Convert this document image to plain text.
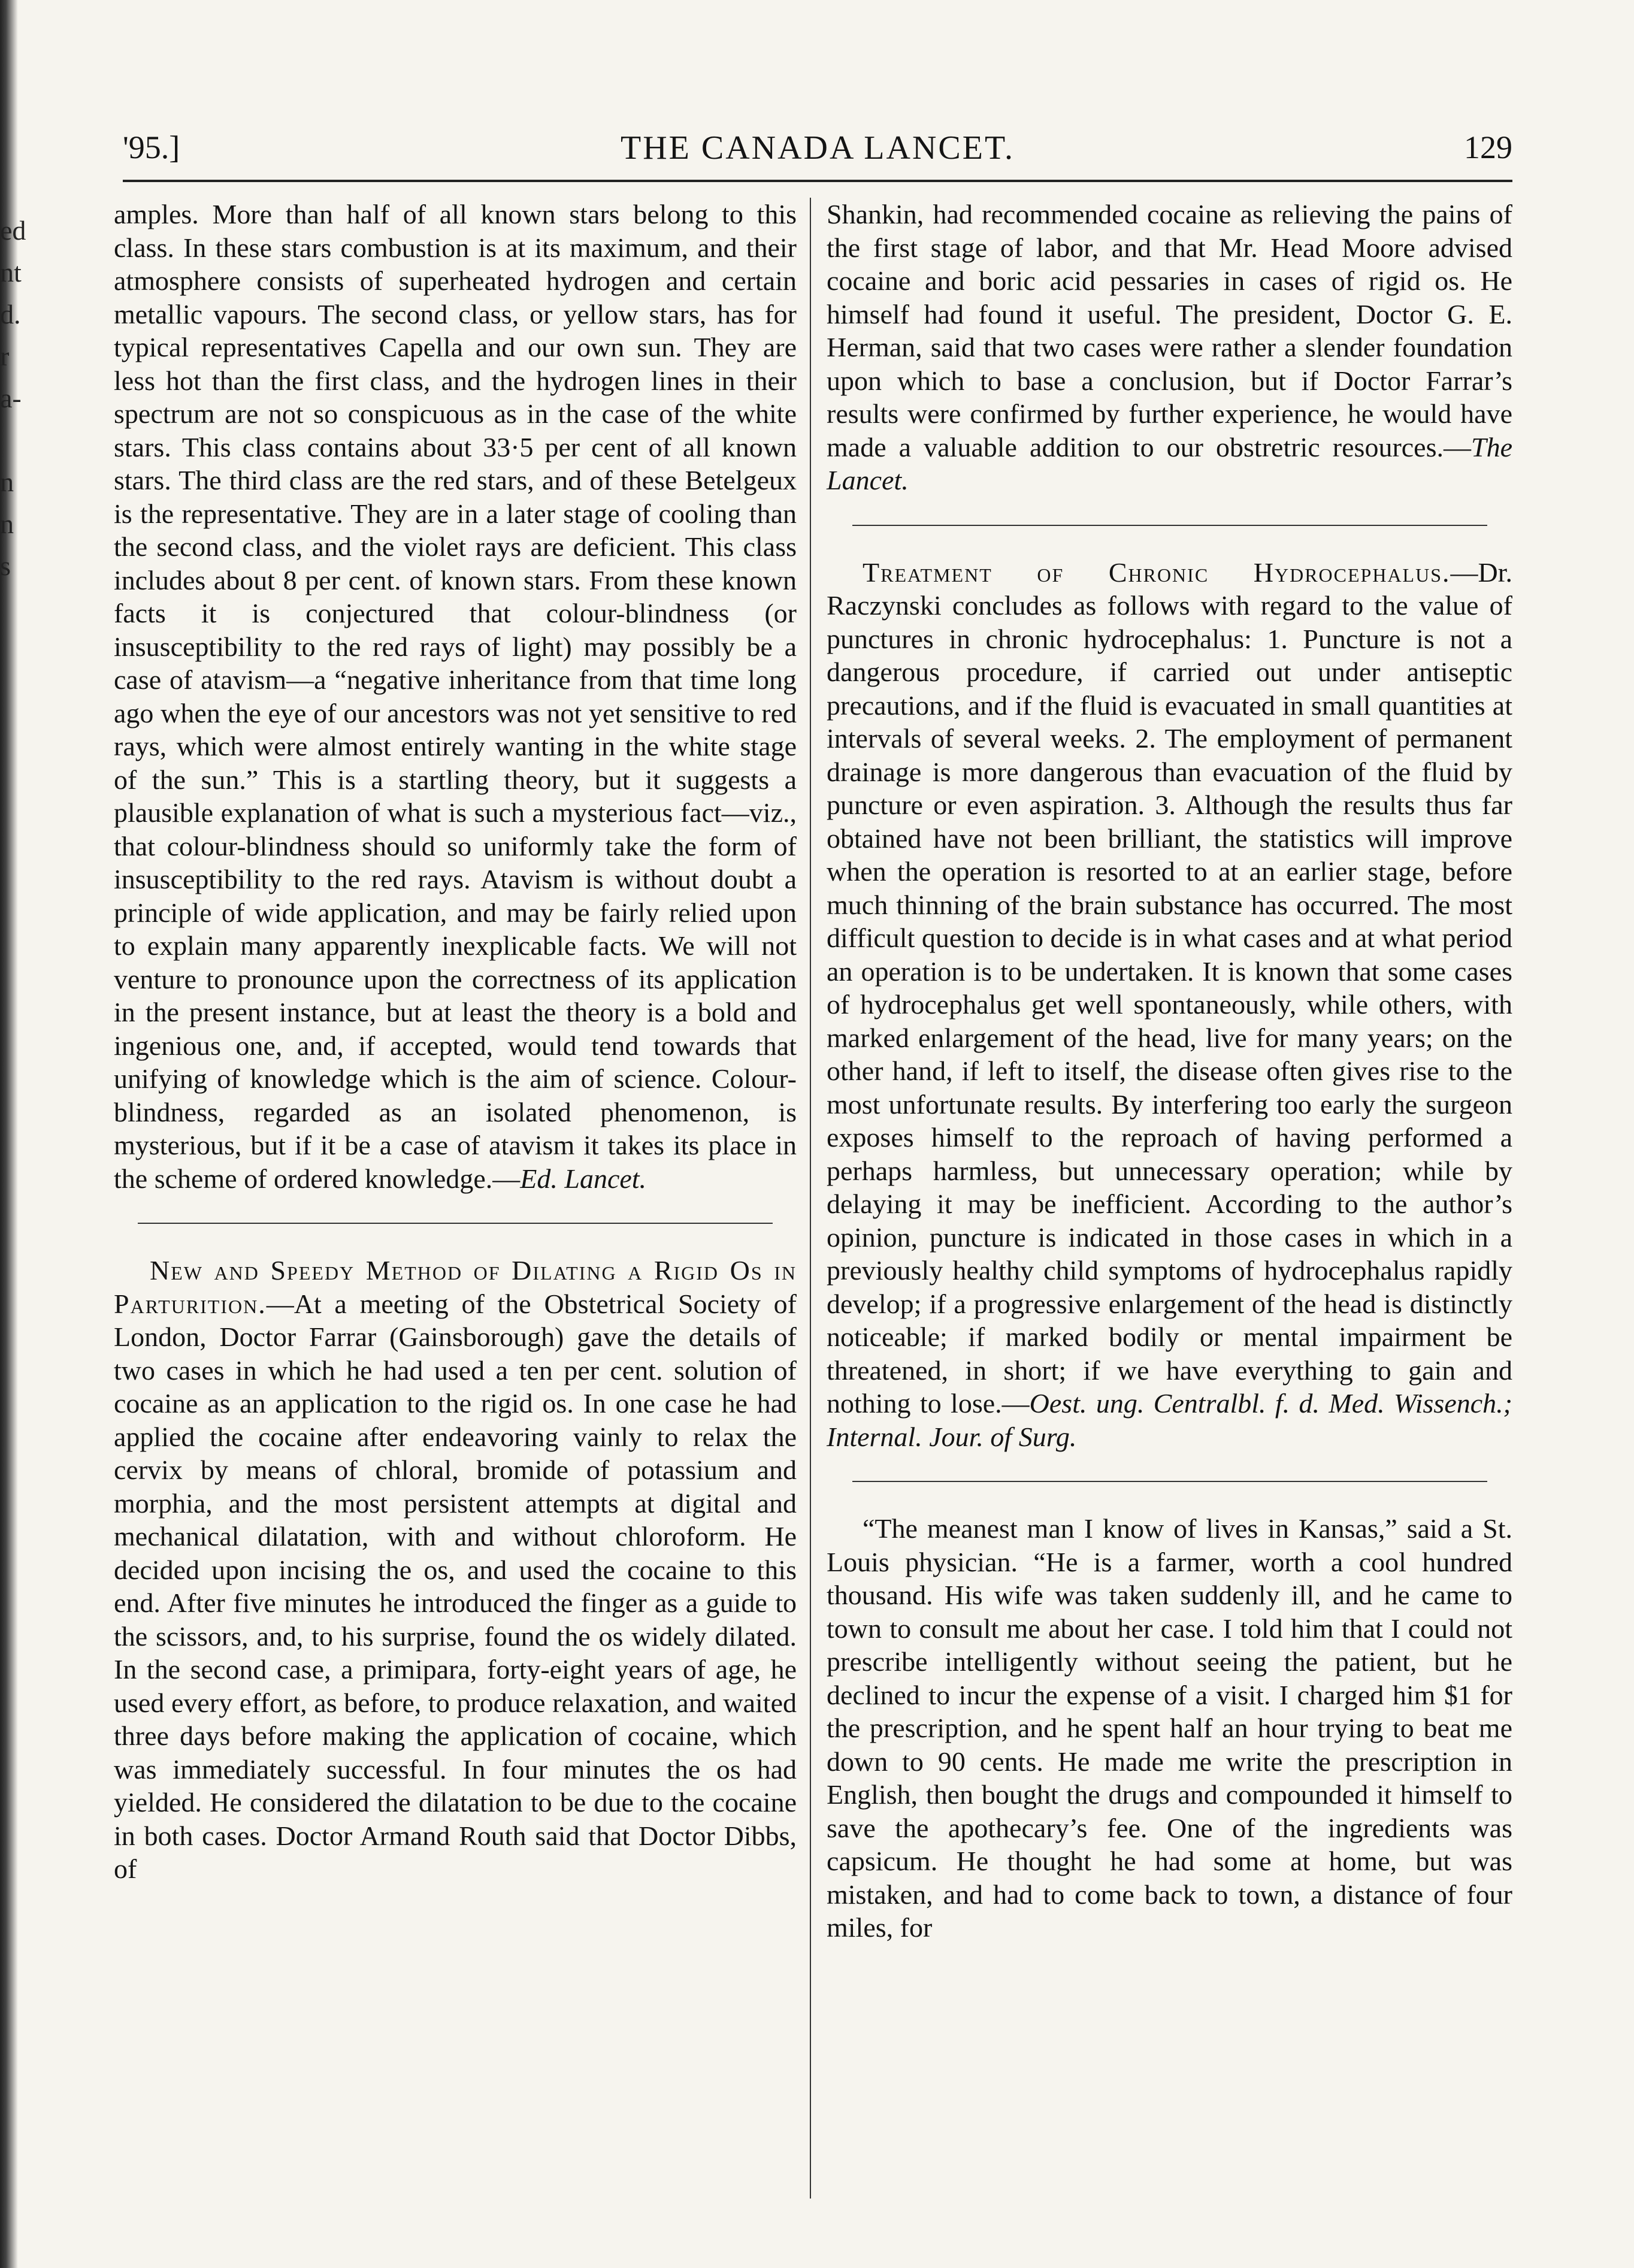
ed
nt
d.
r
a-

n
n
s
'95.]	THE CANADA LANCET.	129

amples. More than half of all known stars belong to this class. In these stars combustion is at its maximum, and their atmosphere consists of superheated hydrogen and certain metallic vapours. The second class, or yellow stars, has for typical representatives Capella and our own sun. They are less hot than the first class, and the hydrogen lines in their spectrum are not so conspicuous as in the case of the white stars. This class contains about 33·5 per cent of all known stars. The third class are the red stars, and of these Betelgeux is the representative. They are in a later stage of cooling than the second class, and the violet rays are deficient. This class includes about 8 per cent. of known stars. From these known facts it is conjectured that colour-blindness (or insusceptibility to the red rays of light) may possibly be a case of atavism—a “negative inheritance from that time long ago when the eye of our ancestors was not yet sensitive to red rays, which were almost entirely wanting in the white stage of the sun.” This is a startling theory, but it suggests a plausible explanation of what is such a mysterious fact—viz., that colour-blindness should so uniformly take the form of insusceptibility to the red rays. Atavism is without doubt a principle of wide application, and may be fairly relied upon to explain many apparently inexplicable facts. We will not venture to pronounce upon the correctness of its application in the present instance, but at least the theory is a bold and ingenious one, and, if accepted, would tend towards that unifying of knowledge which is the aim of science. Colour-blindness, regarded as an isolated phenomenon, is mysterious, but if it be a case of atavism it takes its place in the scheme of ordered knowledge.—Ed. Lancet.

New and Speedy Method of Dilating a Rigid Os in Parturition.—At a meeting of the Obstetrical Society of London, Doctor Farrar (Gainsborough) gave the details of two cases in which he had used a ten per cent. solution of cocaine as an application to the rigid os. In one case he had applied the cocaine after endeavoring vainly to relax the cervix by means of chloral, bromide of potassium and morphia, and the most persistent attempts at digital and mechanical dilatation, with and without chloroform. He decided upon incising the os, and used the cocaine to this end. After five minutes he introduced the finger as a guide to the scissors, and, to his surprise, found the os widely dilated. In the second case, a primipara, forty-eight years of age, he used every effort, as before, to produce relaxation, and waited three days before making the application of cocaine, which was immediately successful. In four minutes the os had yielded. He considered the dilatation to be due to the cocaine in both cases. Doctor Armand Routh said that Doctor Dibbs, of

Shankin, had recommended cocaine as relieving the pains of the first stage of labor, and that Mr. Head Moore advised cocaine and boric acid pessaries in cases of rigid os. He himself had found it useful. The president, Doctor G. E. Herman, said that two cases were rather a slender foundation upon which to base a conclusion, but if Doctor Farrar’s results were confirmed by further experience, he would have made a valuable addition to our obstretric resources.—The Lancet.

Treatment of Chronic Hydrocephalus.—Dr. Raczynski concludes as follows with regard to the value of punctures in chronic hydrocephalus: 1. Puncture is not a dangerous procedure, if carried out under antiseptic precautions, and if the fluid is evacuated in small quantities at intervals of several weeks. 2. The employment of permanent drainage is more dangerous than evacuation of the fluid by puncture or even aspiration. 3. Although the results thus far obtained have not been brilliant, the statistics will improve when the operation is resorted to at an earlier stage, before much thinning of the brain substance has occurred. The most difficult question to decide is in what cases and at what period an operation is to be undertaken. It is known that some cases of hydrocephalus get well spontaneously, while others, with marked enlargement of the head, live for many years; on the other hand, if left to itself, the disease often gives rise to the most unfortunate results. By interfering too early the surgeon exposes himself to the reproach of having performed a perhaps harmless, but unnecessary operation; while by delaying it may be inefficient. According to the author’s opinion, puncture is indicated in those cases in which in a previously healthy child symptoms of hydrocephalus rapidly develop; if a progressive enlargement of the head is distinctly noticeable; if marked bodily or mental impairment be threatened, in short; if we have everything to gain and nothing to lose.—Oest. ung. Centralbl. f. d. Med. Wissench.; Internal. Jour. of Surg.

“The meanest man I know of lives in Kansas,” said a St. Louis physician. “He is a farmer, worth a cool hundred thousand. His wife was taken suddenly ill, and he came to town to consult me about her case. I told him that I could not prescribe intelligently without seeing the patient, but he declined to incur the expense of a visit. I charged him $1 for the prescription, and he spent half an hour trying to beat me down to 90 cents. He made me write the prescription in English, then bought the drugs and compounded it himself to save the apothecary’s fee. One of the ingredients was capsicum. He thought he had some at home, but was mistaken, and had to come back to town, a distance of four miles, for
